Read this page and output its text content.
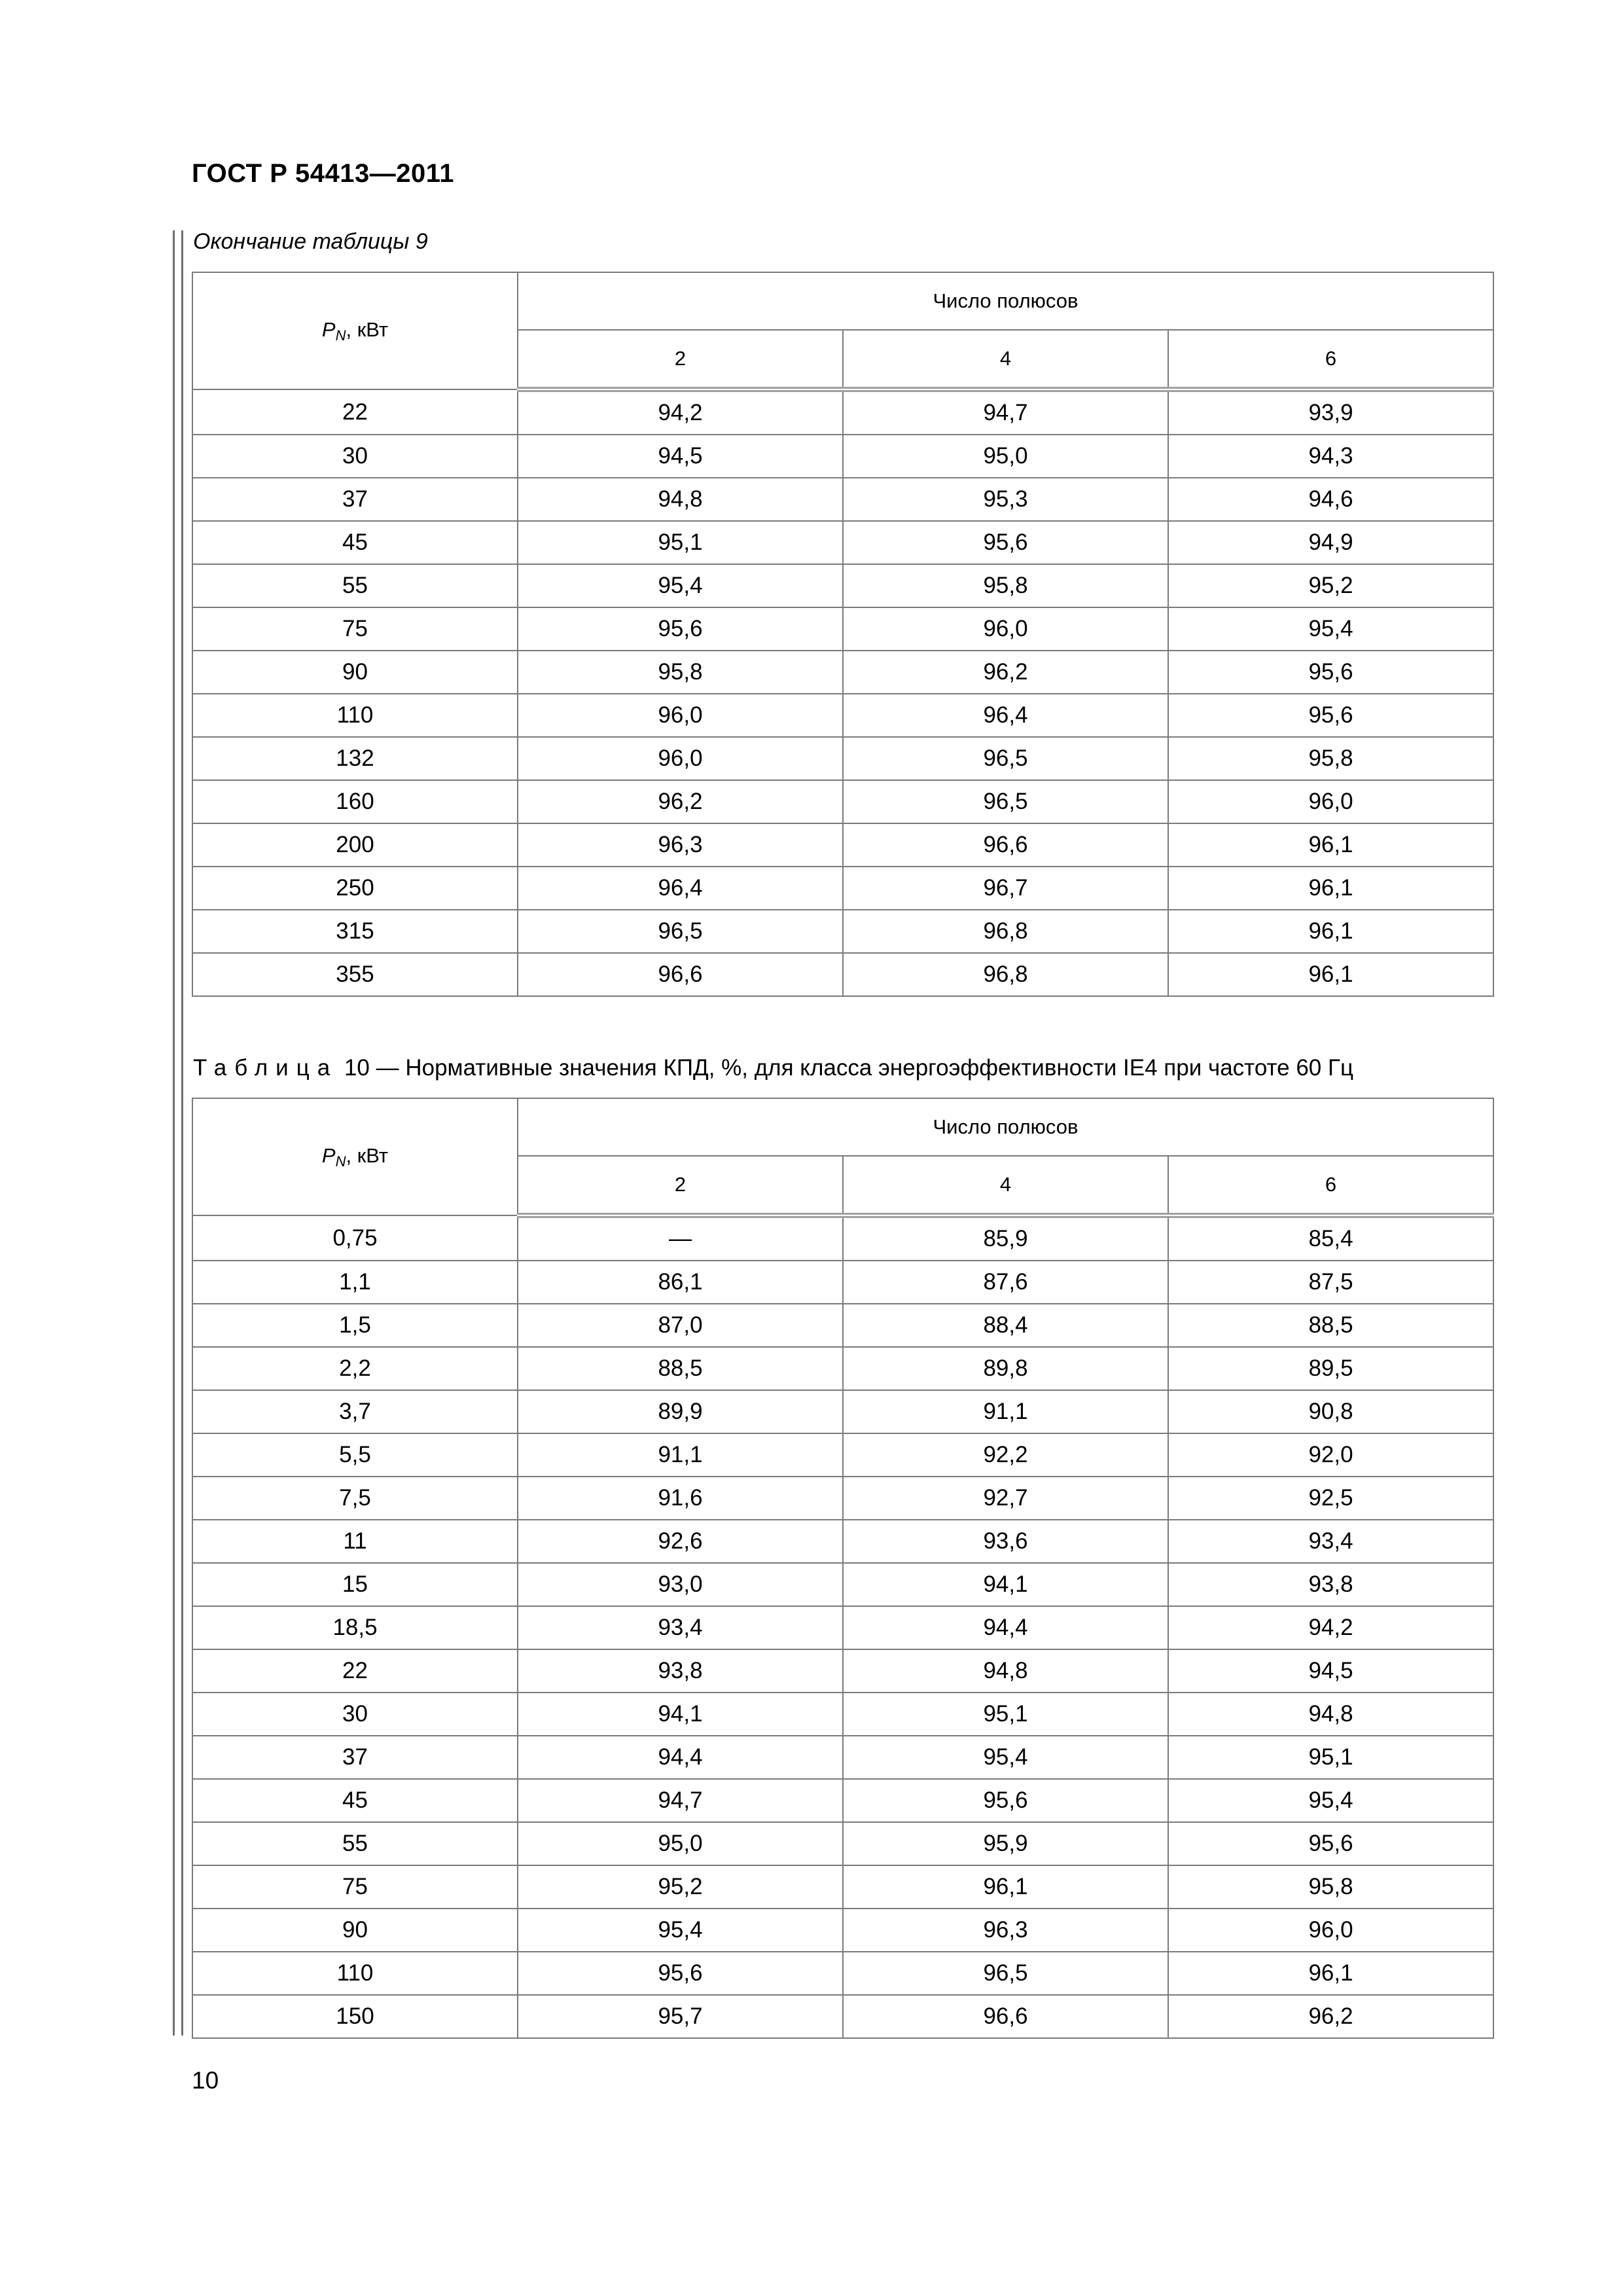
ГОСТ Р 54413—2011
Окончание таблицы 9
$P_N$, кВт	Число полюсов		
	2	4	6
22	94,2	94,7	93,9
30	94,5	95,0	94,3
37	94,8	95,3	94,6
45	95,1	95,6	94,9
55	95,4	95,8	95,2
75	95,6	96,0	95,4
90	95,8	96,2	95,6
110	96,0	96,4	95,6
132	96,0	96,5	95,8
160	96,2	96,5	96,0
200	96,3	96,6	96,1
250	96,4	96,7	96,1
315	96,5	96,8	96,1
355	96,6	96,8	96,1
Таблица 10 — Нормативные значения КПД, %, для класса энергоэффективности IE4 при частоте 60 Гц
$P_N$, кВт	Число полюсов		
	2	4	6
0,75	—	85,9	85,4
1,1	86,1	87,6	87,5
1,5	87,0	88,4	88,5
2,2	88,5	89,8	89,5
3,7	89,9	91,1	90,8
5,5	91,1	92,2	92,0
7,5	91,6	92,7	92,5
11	92,6	93,6	93,4
15	93,0	94,1	93,8
18,5	93,4	94,4	94,2
22	93,8	94,8	94,5
30	94,1	95,1	94,8
37	94,4	95,4	95,1
45	94,7	95,6	95,4
55	95,0	95,9	95,6
75	95,2	96,1	95,8
90	95,4	96,3	96,0
110	95,6	96,5	96,1
150	95,7	96,6	96,2
10
